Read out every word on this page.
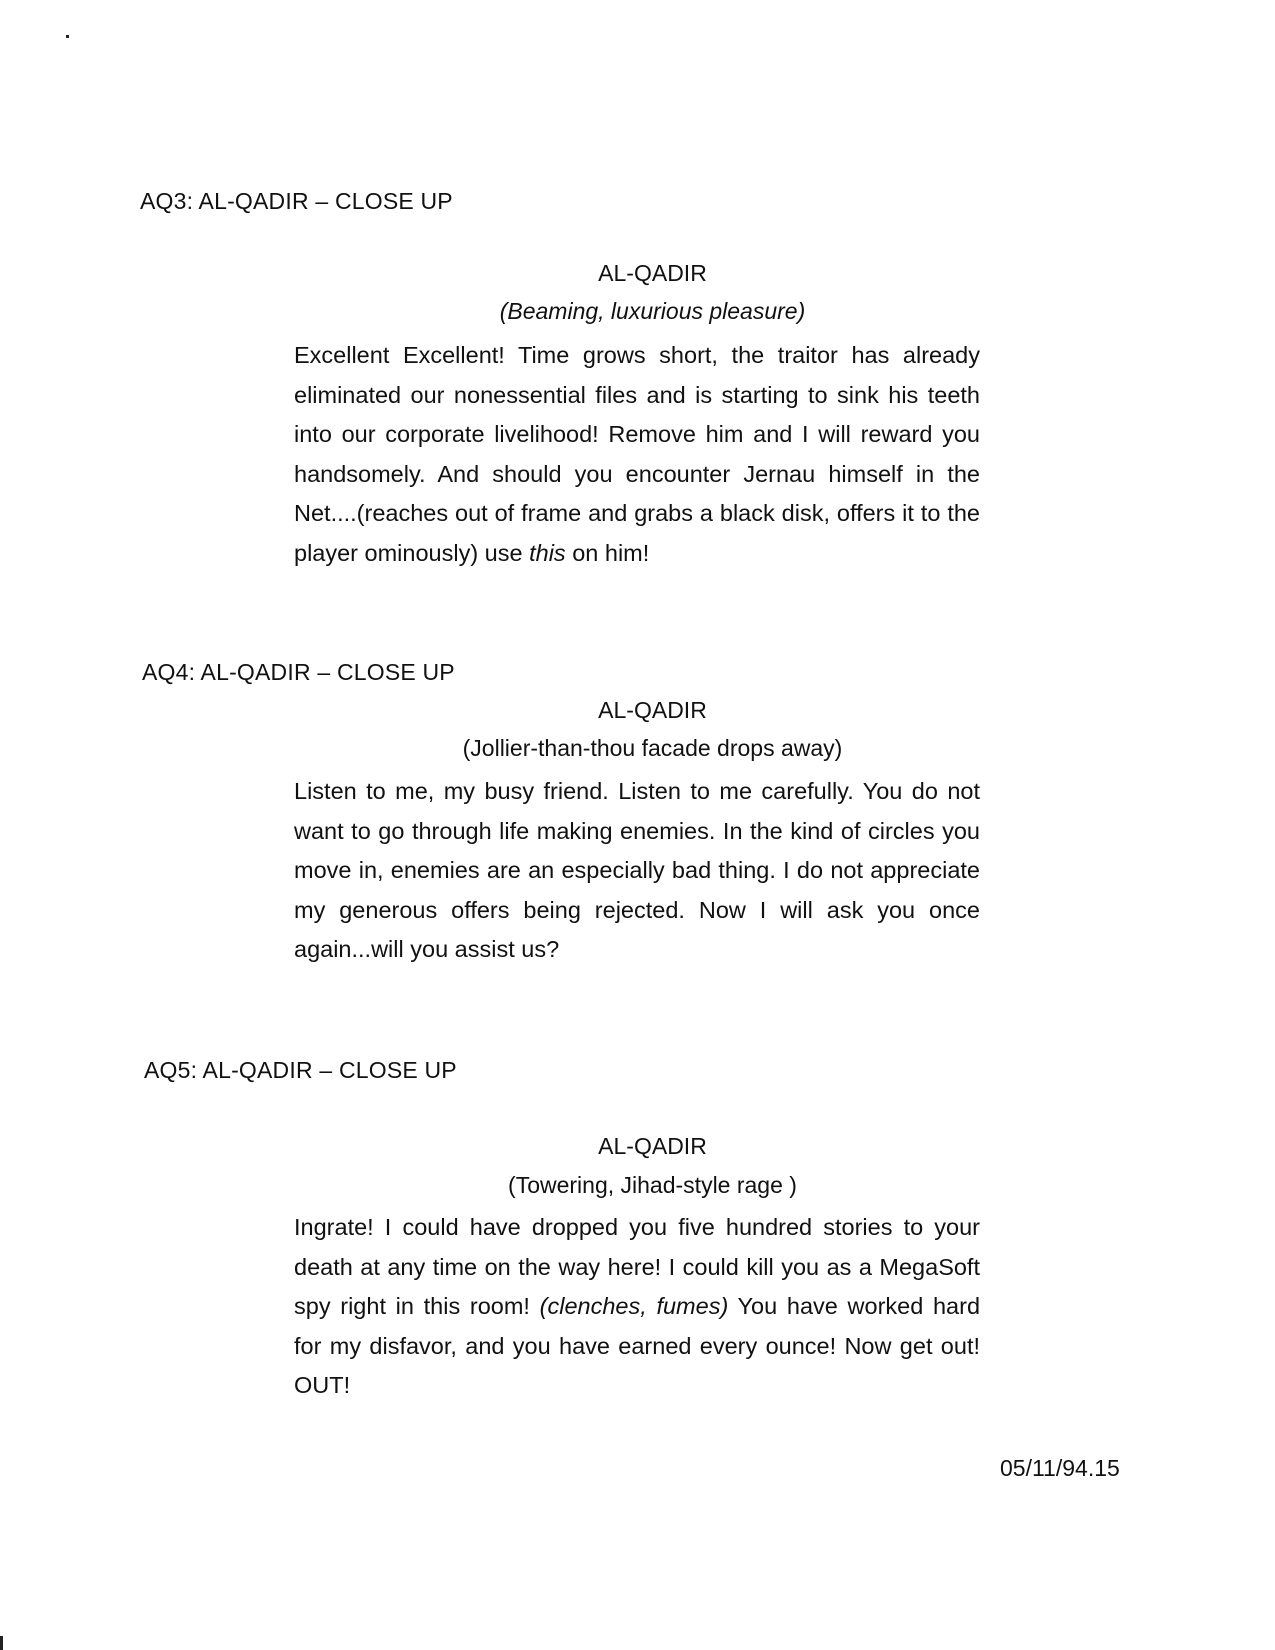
AQ3: AL-QADIR – CLOSE UP
AL-QADIR
(Beaming, luxurious pleasure)
Excellent Excellent! Time grows short, the traitor has already eliminated our nonessential files and is starting to sink his teeth into our corporate livelihood! Remove him and I will reward you handsomely. And should you encounter Jernau himself in the Net....(reaches out of frame and grabs a black disk, offers it to the player ominously) use this on him!
AQ4: AL-QADIR – CLOSE UP
AL-QADIR
(Jollier-than-thou facade drops away)
Listen to me, my busy friend. Listen to me carefully. You do not want to go through life making enemies. In the kind of circles you move in, enemies are an especially bad thing. I do not appreciate my generous offers being rejected. Now I will ask you once again...will you assist us?
AQ5: AL-QADIR – CLOSE UP
AL-QADIR
(Towering, Jihad-style rage )
Ingrate! I could have dropped you five hundred stories to your death at any time on the way here! I could kill you as a MegaSoft spy right in this room! (clenches, fumes) You have worked hard for my disfavor, and you have earned every ounce! Now get out! OUT!
05/11/94.15
